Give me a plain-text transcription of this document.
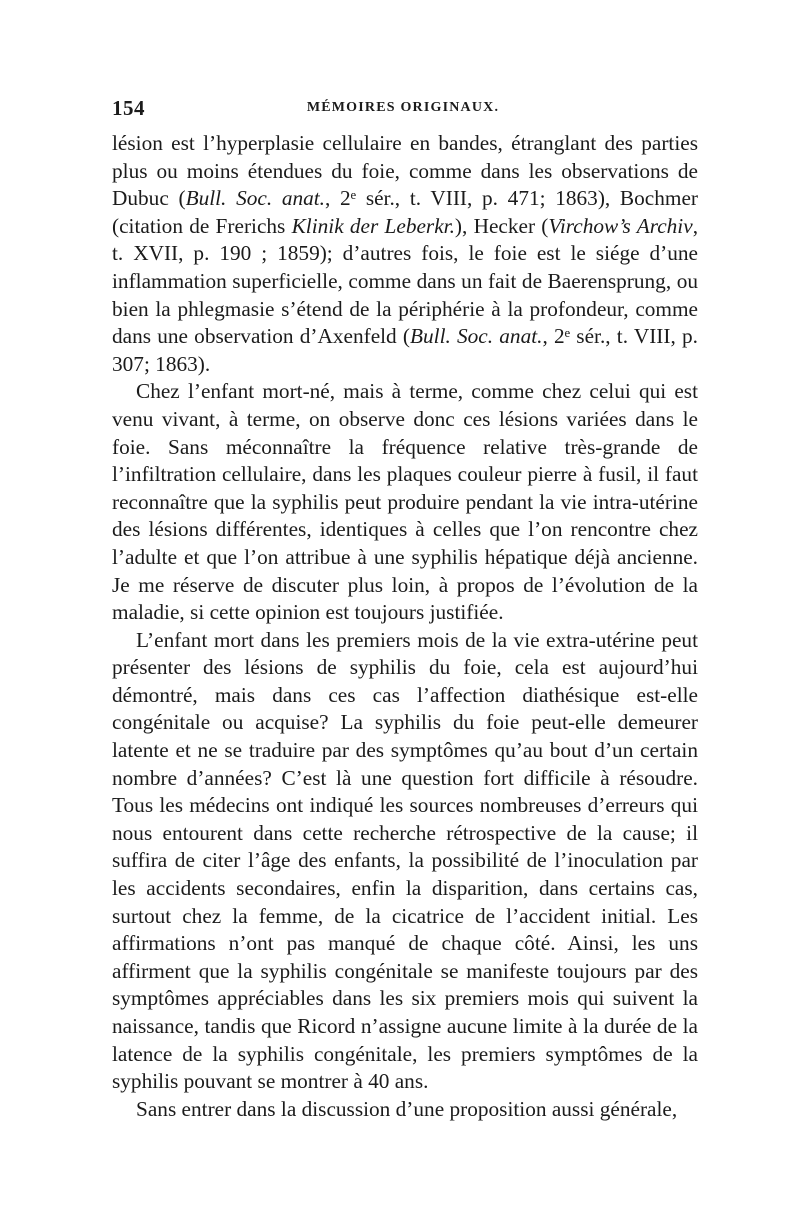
154	MÉMOIRES ORIGINAUX.

lésion est l’hyperplasie cellulaire en bandes, étranglant des parties plus ou moins étendues du foie, comme dans les observations de Dubuc (Bull. Soc. anat., 2ᵉ sér., t. VIII, p. 471; 1863), Bochmer (citation de Frerichs Klinik der Leberkr.), Hecker (Virchow’s Archiv, t. XVII, p. 190 ; 1859); d’autres fois, le foie est le siége d’une inflammation superficielle, comme dans un fait de Baerensprung, ou bien la phlegmasie s’étend de la périphérie à la profondeur, comme dans une observation d’Axenfeld (Bull. Soc. anat., 2ᵉ sér., t. VIII, p. 307; 1863).

Chez l’enfant mort-né, mais à terme, comme chez celui qui est venu vivant, à terme, on observe donc ces lésions variées dans le foie. Sans méconnaître la fréquence relative très-grande de l’infiltration cellulaire, dans les plaques couleur pierre à fusil, il faut reconnaître que la syphilis peut produire pendant la vie intra-utérine des lésions différentes, identiques à celles que l’on rencontre chez l’adulte et que l’on attribue à une syphilis hépatique déjà ancienne. Je me réserve de discuter plus loin, à propos de l’évolution de la maladie, si cette opinion est toujours justifiée.

L’enfant mort dans les premiers mois de la vie extra-utérine peut présenter des lésions de syphilis du foie, cela est aujourd’hui démontré, mais dans ces cas l’affection diathésique est-elle congénitale ou acquise? La syphilis du foie peut-elle demeurer latente et ne se traduire par des symptômes qu’au bout d’un certain nombre d’années? C’est là une question fort difficile à résoudre. Tous les médecins ont indiqué les sources nombreuses d’erreurs qui nous entourent dans cette recherche rétrospective de la cause; il suffira de citer l’âge des enfants, la possibilité de l’inoculation par les accidents secondaires, enfin la disparition, dans certains cas, surtout chez la femme, de la cicatrice de l’accident initial. Les affirmations n’ont pas manqué de chaque côté. Ainsi, les uns affirment que la syphilis congénitale se manifeste toujours par des symptômes appréciables dans les six premiers mois qui suivent la naissance, tandis que Ricord n’assigne aucune limite à la durée de la latence de la syphilis congénitale, les premiers symptômes de la syphilis pouvant se montrer à 40 ans.

Sans entrer dans la discussion d’une proposition aussi générale,
